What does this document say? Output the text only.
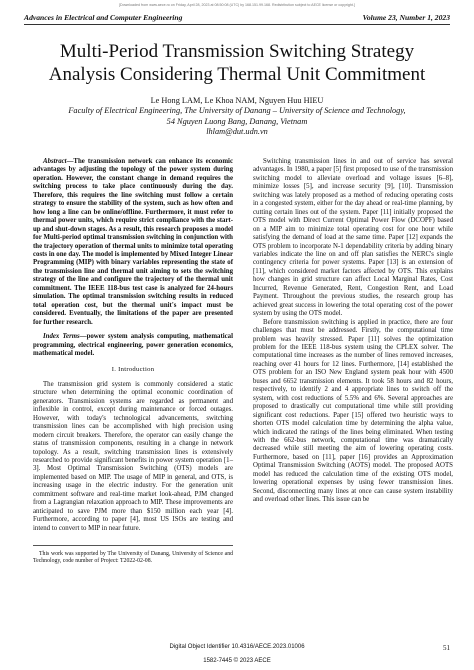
[Downloaded from www.aece.ro on Friday, April 28, 2023 at 08:50:08 (UTC) by 168.151.99.168. Redistribution subject to AECE license or copyright.]
Advances in Electrical and Computer Engineering	Volume 23, Number 1, 2023
Multi-Period Transmission Switching Strategy
Analysis Considering Thermal Unit Commitment
Le Hong LAM, Le Khoa NAM, Nguyen Huu HIEU

Faculty of Electrical Engineering, The University of Danang – University of Science and Technology,
54 Nguyen Luong Bang, Danang, Vietnam
lhlam@dut.udn.vn

Abstract—The transmission network can enhance its economic advantages by adjusting the topology of the power system during operation. However, the constant change in demand requires the switching process to take place continuously during the day. Therefore, this requires the line switching must follow a certain strategy to ensure the stability of the system, such as how often and how long a line can be online/offline. Furthermore, it must refer to thermal power units, which require strict compliance with the start-up and shut-down stages. As a result, this research proposes a model for Multi-period optimal transmission switching in conjunction with the trajectory operation of thermal units to minimize total operating costs in one day. The model is implemented by Mixed Integer Linear Programming (MIP) with binary variables representing the state of the transmission line and thermal unit aiming to sets the switching strategy of the line and configure the trajectory of the thermal unit commitment. The IEEE 118-bus test case is analyzed for 24-hours simulation. The optimal transmission switching results in reduced total operation cost, but the thermal unit's impact must be considered. Eventually, the limitations of the paper are presented for further research.

Index Terms—power system analysis computing, mathematical programming, electrical engineering, power generation economics, mathematical model.

I. Introduction

The transmission grid system is commonly considered a static structure when determining the optimal economic coordination of generators. Transmission systems are regarded as permanent and inflexible in control, except during maintenance or forced outages. However, with today's technological advancements, switching transmission lines can be accomplished with high precision using modern circuit breakers. Therefore, the operator can easily change the status of transmission components, resulting in a change in network topology. As a result, switching transmission lines is extensively researched to provide significant benefits in power system operation [1–3]. Most Optimal Transmission Switching (OTS) models are implemented based on MIP. The usage of MIP in general, and OTS, is increasing usage in the electric industry. For the generation unit commitment software and real-time market look-ahead, PJM changed from a Lagrangian relaxation approach to MIP. These improvements are anticipated to save PJM more than $150 million each year [4]. Furthermore, according to paper [4], most US ISOs are testing and intend to convert to MIP in near future.

This work was supported by The University of Danang, University of Science and Technology, code number of Project: T2022-02-08.

Switching transmission lines in and out of service has several advantages. In 1980, a paper [5] first proposed to use of the transmission switching model to alleviate overload and voltage issues [6–8], minimize losses [5], and increase security [9], [10]. Transmission switching was lately proposed as a method of reducing operating costs in a congested system, either for the day ahead or real-time planning, by cutting certain lines out of the system. Paper [11] initially proposed the OTS model with Direct Current Optimal Power Flow (DCOPF) based on a MIP aim to minimize total operating cost for one hour while satisfying the demand of load at the same time. Paper [12] expands the OTS problem to incorporate N-1 dependability criteria by adding binary variables indicate the line on and off plan satisfies the NERC's single contingency criteria for power systems. Paper [13] is an extension of [11], which considered market factors affected by OTS. This explains how changes in grid structure can affect Local Marginal Rates, Cost Incurred, Revenue Generated, Rent, Congestion Rent, and Load Payment. Throughout the previous studies, the research group has achieved great success in lowering the total operating cost of the power system by using the OTS model.

Before transmission switching is applied in practice, there are four challenges that must be addressed. Firstly, the computational time problem was heavily stressed. Paper [11] solves the optimization problem for the IEEE 118-bus system using the CPLEX solver. The computational time increases as the number of lines removed increases, reaching over 41 hours for 12 lines. Furthermore, [14] established the OTS problem for an ISO New England system peak hour with 4500 buses and 6652 transmission elements. It took 58 hours and 82 hours, respectively, to identify 2 and 4 appropriate lines to switch off the system, with cost reductions of 5.5% and 6%. Several approaches are proposed to drastically cut computational time while still providing significant cost reductions. Paper [15] offered two heuristic ways to shorten OTS model calculation time by determining the alpha value, which indicated the ratings of the lines being eliminated. When testing with the 662-bus network, computational time was dramatically decreased while still meeting the aim of lowering operating costs. Furthermore, based on [11], paper [16] provides an Approximation Optimal Transmission Switching (AOTS) model. The proposed AOTS model has reduced the calculation time of the existing OTS model, lowering operational expenses by using fewer transmission lines. Second, disconnecting many lines at once can cause system instability and overload other lines. This issue can be

Digital Object Identifier 10.4316/AECE.2023.01006	51
1582-7445 © 2023 AECE
